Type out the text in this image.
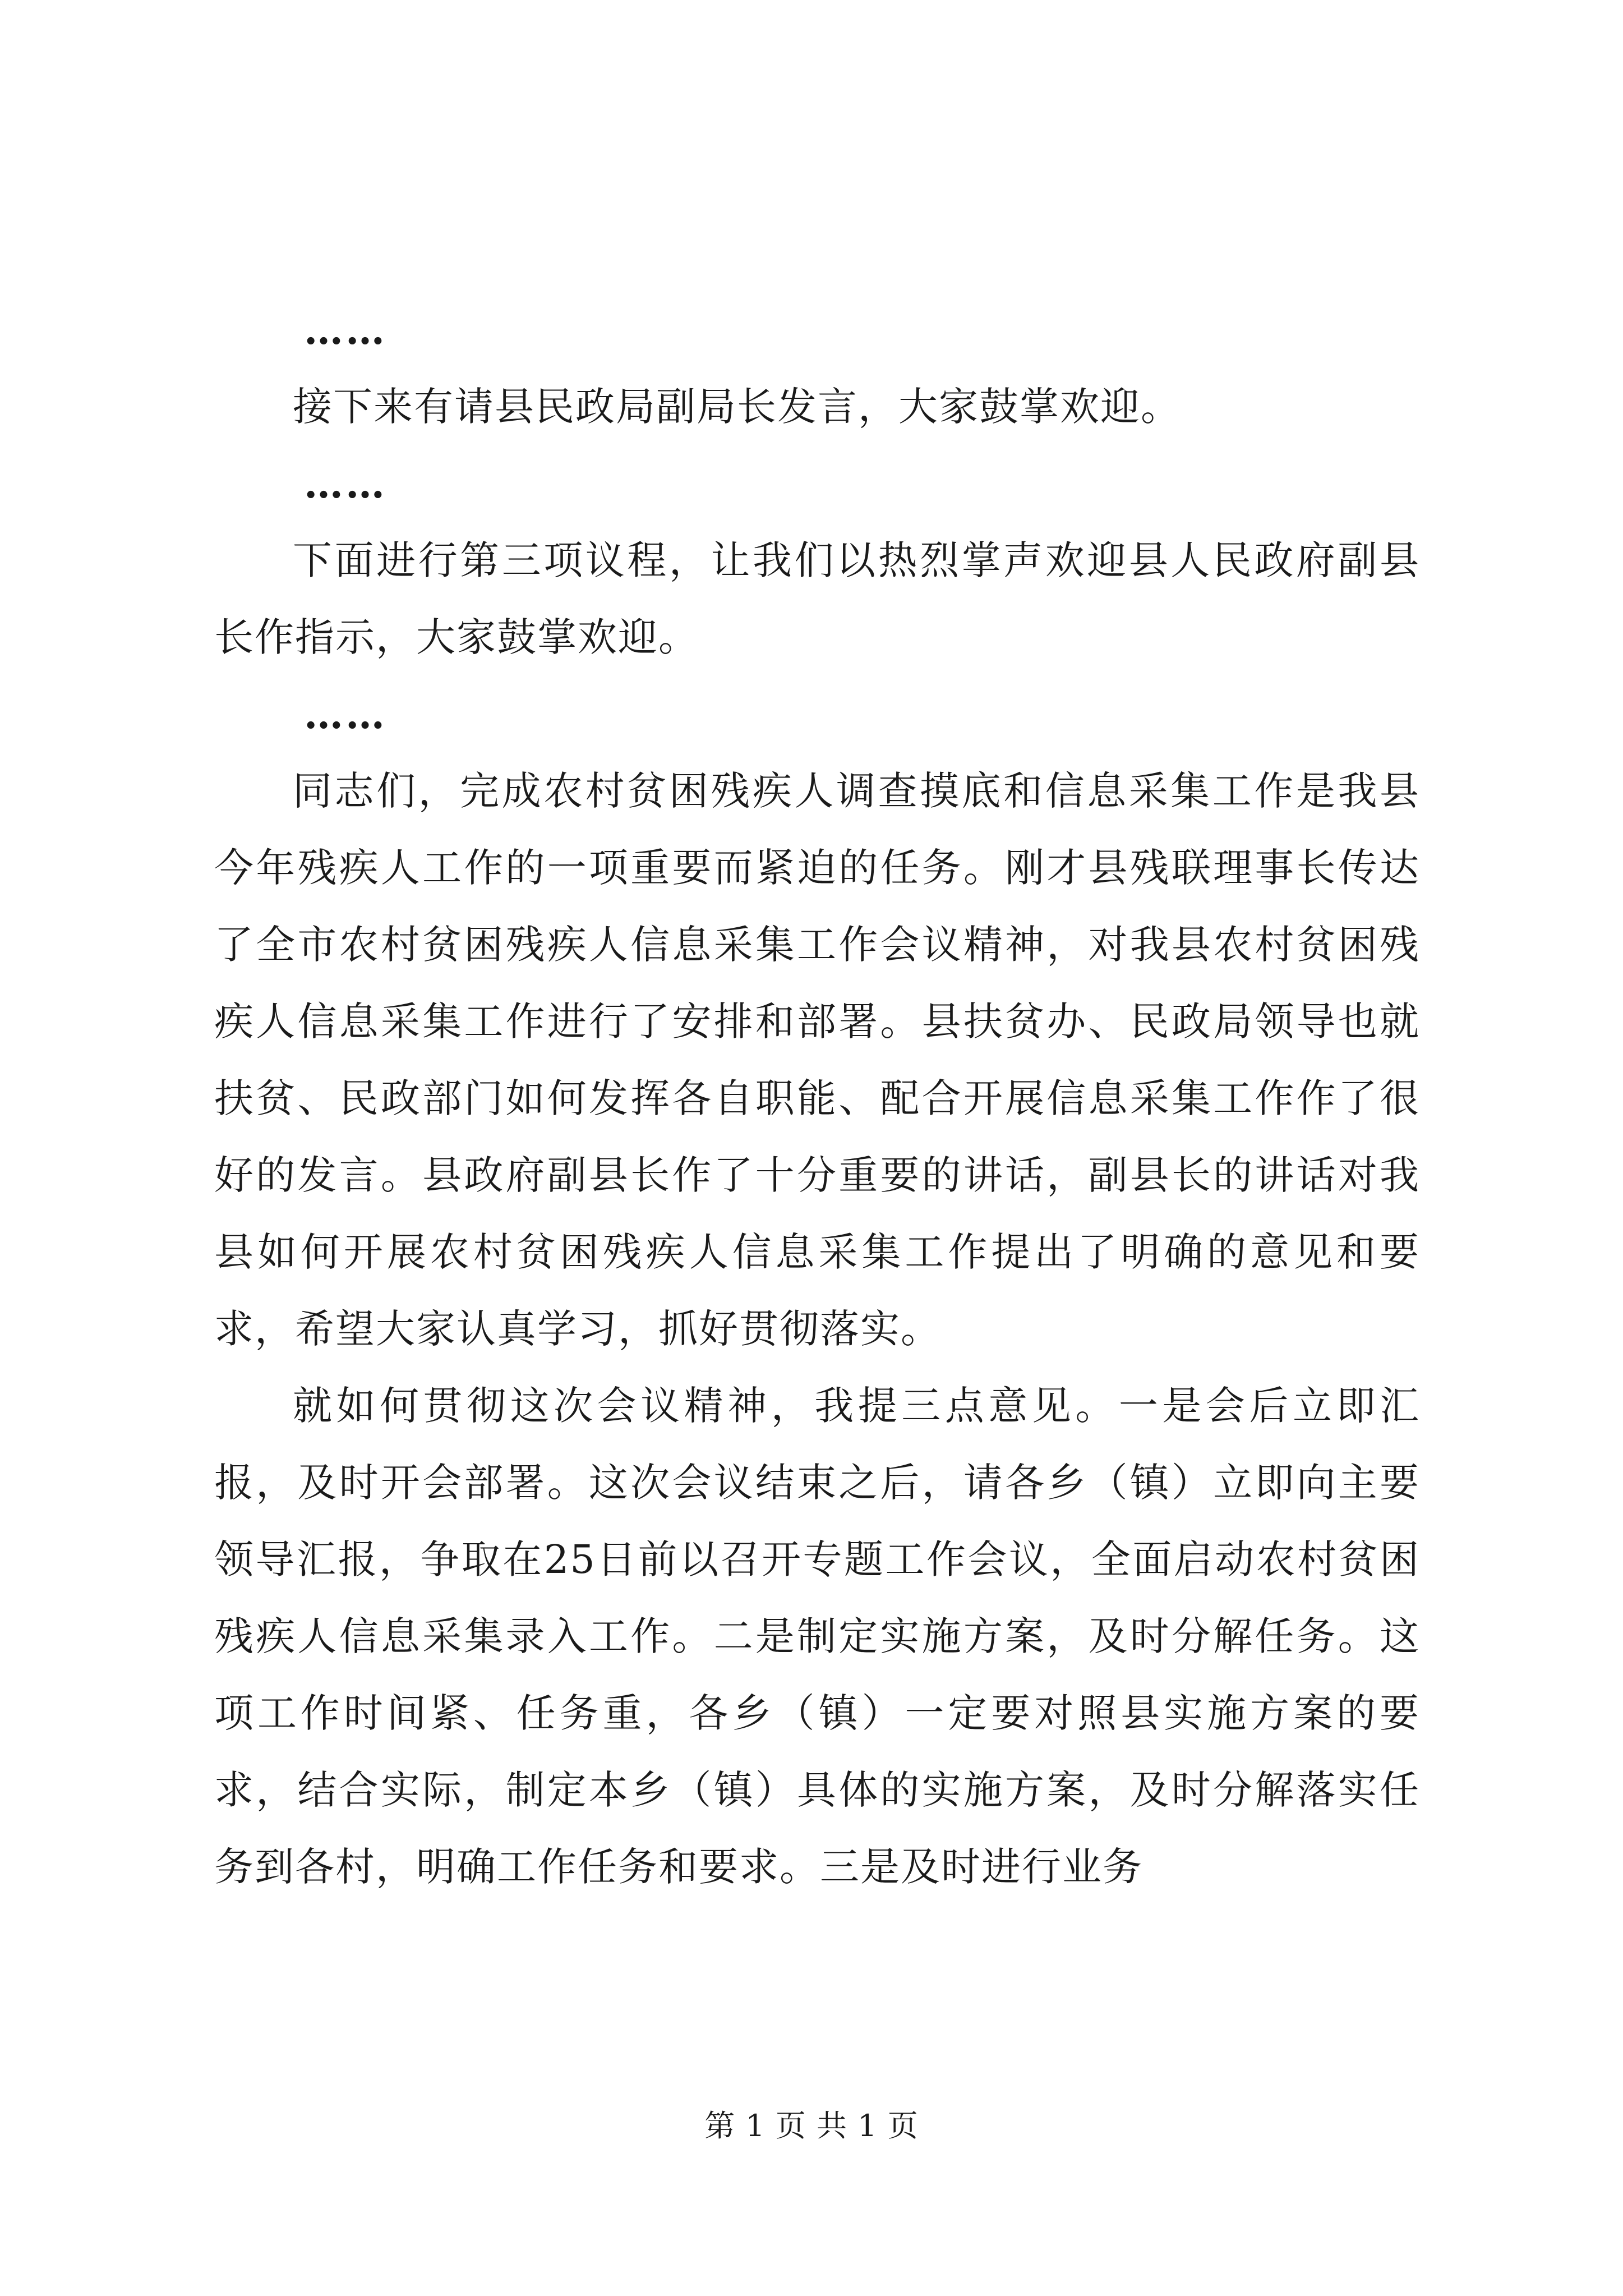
……

接下来有请县民政局副局长发言，大家鼓掌欢迎。

……

下面进行第三项议程，让我们以热烈掌声欢迎县人民政府副县长作指示，大家鼓掌欢迎。

……

同志们，完成农村贫困残疾人调查摸底和信息采集工作是我县今年残疾人工作的一项重要而紧迫的任务。刚才县残联理事长传达了全市农村贫困残疾人信息采集工作会议精神，对我县农村贫困残疾人信息采集工作进行了安排和部署。县扶贫办、民政局领导也就扶贫、民政部门如何发挥各自职能、配合开展信息采集工作作了很好的发言。县政府副县长作了十分重要的讲话，副县长的讲话对我县如何开展农村贫困残疾人信息采集工作提出了明确的意见和要求，希望大家认真学习，抓好贯彻落实。

就如何贯彻这次会议精神，我提三点意见。一是会后立即汇报，及时开会部署。这次会议结束之后，请各乡（镇）立即向主要领导汇报，争取在25日前以召开专题工作会议，全面启动农村贫困残疾人信息采集录入工作。二是制定实施方案，及时分解任务。这项工作时间紧、任务重，各乡（镇）一定要对照县实施方案的要求，结合实际，制定本乡（镇）具体的实施方案，及时分解落实任务到各村，明确工作任务和要求。三是及时进行业务

第 1 页 共 1 页
